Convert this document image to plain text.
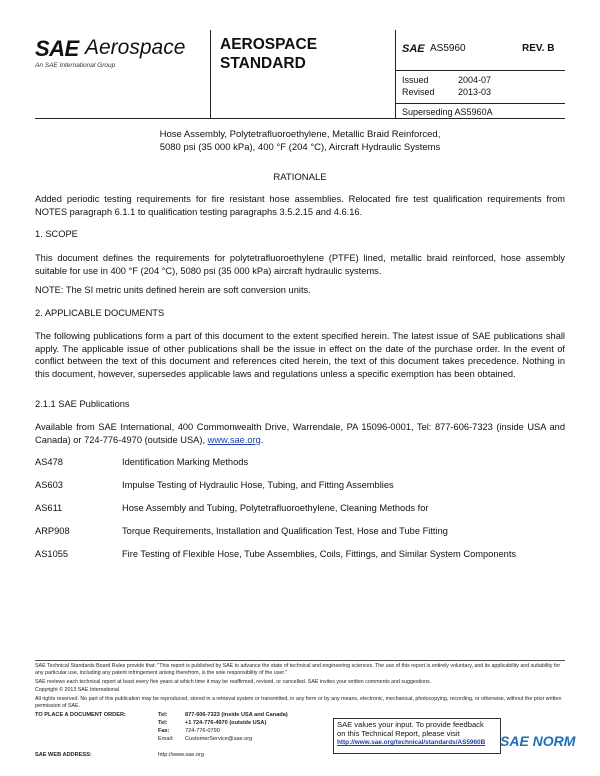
SAE Aerospace
An SAE International Group
AEROSPACE STANDARD
SAE AS5960	REV. B
Issued	2004-07
Revised	2013-03
Superseding AS5960A
Hose Assembly, Polytetrafluoroethylene, Metallic Braid Reinforced,
5080 psi (35 000 kPa), 400 °F (204 °C), Aircraft Hydraulic Systems
RATIONALE
Added periodic testing requirements for fire resistant hose assemblies. Relocated fire test qualification requirements from NOTES paragraph 6.1.1 to qualification testing paragraphs 3.5.2.15 and 4.6.16.
1. SCOPE
This document defines the requirements for polytetrafluoroethylene (PTFE) lined, metallic braid reinforced, hose assembly suitable for use in 400 °F (204 °C), 5080 psi (35 000 kPa) aircraft hydraulic systems.
NOTE: The SI metric units defined herein are soft conversion units.
2. APPLICABLE DOCUMENTS
The following publications form a part of this document to the extent specified herein. The latest issue of SAE publications shall apply. The applicable issue of other publications shall be the issue in effect on the date of the purchase order. In the event of conflict between the text of this document and references cited herein, the text of this document takes precedence. Nothing in this document, however, supersedes applicable laws and regulations unless a specific exemption has been obtained.
2.1.1 SAE Publications
Available from SAE International, 400 Commonwealth Drive, Warrendale, PA 15096-0001, Tel: 877-606-7323 (inside USA and Canada) or 724-776-4970 (outside USA), www.sae.org.
AS478	Identification Marking Methods
AS603	Impulse Testing of Hydraulic Hose, Tubing, and Fitting Assemblies
AS611	Hose Assembly and Tubing, Polytetrafluoroethylene, Cleaning Methods for
ARP908	Torque Requirements, Installation and Qualification Test, Hose and Tube Fitting
AS1055	Fire Testing of Flexible Hose, Tube Assemblies, Coils, Fittings, and Similar System Components
SAE Technical Standards Board Rules provide that: "This report is published by SAE to advance the state of technical and engineering sciences. The use of this report is entirely voluntary, and its applicability and suitability for any particular use, including any patent infringement arising therefrom, is the sole responsibility of the user."
SAE reviews each technical report at least every five years at which time it may be reaffirmed, revised, or cancelled. SAE invites your written comments and suggestions.
Copyright © 2013 SAE International
All rights reserved. No part of this publication may be reproduced, stored in a retrieval system or transmitted, in any form or by any means, electronic, mechanical, photocopying, recording, or otherwise, without the prior written permission of SAE.
TO PLACE A DOCUMENT ORDER:	Tel:	877-606-7323 (inside USA and Canada)
Tel:	+1 724-776-4970 (outside USA)
Fax:	724-776-0790
Email: CustomerService@sae.org
SAE WEB ADDRESS:	http://www.sae.org
SAE values your input. To provide feedback
on this Technical Report, please visit
http://www.sae.org/technical/standards/AS5960B	SAE NORM
